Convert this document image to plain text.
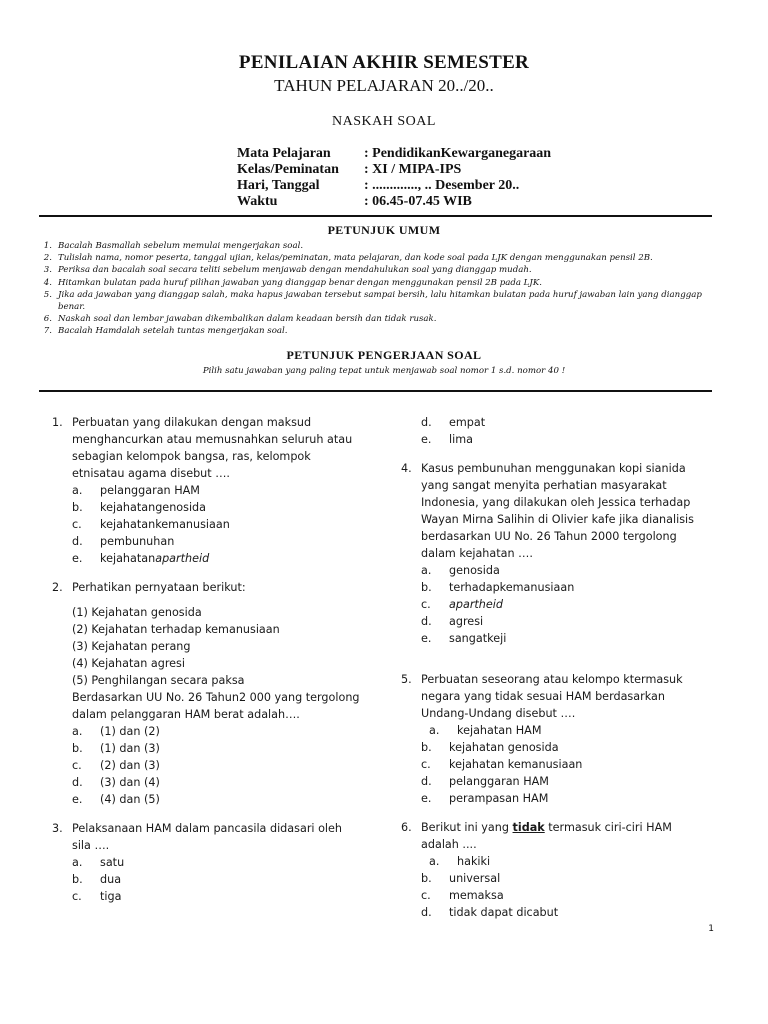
PENILAIAN AKHIR SEMESTER
TAHUN PELAJARAN 20../20..
NASKAH SOAL
Mata Pelajaran	: PendidikanKewarganegaraan
Kelas/Peminatan	: XI / MIPA-IPS
Hari, Tanggal	: ............., .. Desember 20..
Waktu	: 06.45-07.45 WIB
PETUNJUK UMUM
1. Bacalah Basmallah sebelum memulai mengerjakan soal.
2. Tulislah nama, nomor peserta, tanggal ujian, kelas/peminatan, mata pelajaran, dan kode soal pada LJK dengan menggunakan pensil 2B.
3. Periksa dan bacalah soal secara teliti sebelum menjawab dengan mendahulukan soal yang dianggap mudah.
4. Hitamkan bulatan pada huruf pilihan jawaban yang dianggap benar dengan menggunakan pensil 2B pada LJK.
5. Jika ada jawaban yang dianggap salah, maka hapus jawaban tersebut sampai bersih, lalu hitamkan bulatan pada huruf jawaban lain yang dianggap benar.
6. Naskah soal dan lembar jawaban dikembalikan dalam keadaan bersih dan tidak rusak.
7. Bacalah Hamdalah setelah tuntas mengerjakan soal.
PETUNJUK PENGERJAAN SOAL
Pilih satu jawaban yang paling tepat untuk menjawab soal nomor 1 s.d. nomor 40 !
1. Perbuatan yang dilakukan dengan maksud
menghancurkan atau memusnahkan seluruh atau
sebagian kelompok bangsa, ras, kelompok
etnisatau agama disebut ….
a.	pelanggaran HAM
b.	kejahatangenosida
c.	kejahatankemanusiaan
d.	pembunuhan
e.	kejahatan apartheid
2. Perhatikan pernyataan berikut:
(1) Kejahatan genosida
(2) Kejahatan terhadap kemanusiaan
(3) Kejahatan perang
(4) Kejahatan agresi
(5) Penghilangan secara paksa
Berdasarkan UU No. 26 Tahun2 000 yang tergolong
dalam pelanggaran HAM berat adalah….
a.	(1) dan (2)
b.	(1) dan (3)
c.	(2) dan (3)
d.	(3) dan (4)
e.	(4) dan (5)
3. Pelaksanaan HAM dalam pancasila didasari oleh
sila ….
a.	satu
b.	dua
c.	tiga
d.	empat
e.	lima
4. Kasus pembunuhan menggunakan kopi sianida
yang sangat menyita perhatian masyarakat
Indonesia, yang dilakukan oleh Jessica terhadap
Wayan Mirna Salihin di Olivier kafe jika dianalisis
berdasarkan UU No. 26 Tahun 2000 tergolong
dalam kejahatan ….
a.	genosida
b.	terhadapkemanusiaan
c.	apartheid
d.	agresi
e.	sangatkeji
5. Perbuatan seseorang atau kelompo ktermasuk
negara yang tidak sesuai HAM berdasarkan
Undang-Undang disebut ….
a.	kejahatan HAM
b.	kejahatan genosida
c.	kejahatan kemanusiaan
d.	pelanggaran HAM
e.	perampasan HAM
6. Berikut ini yang tidak termasuk ciri-ciri HAM
adalah ....
a.	hakiki
b.	universal
c.	memaksa
d.	tidak dapat dicabut
1
